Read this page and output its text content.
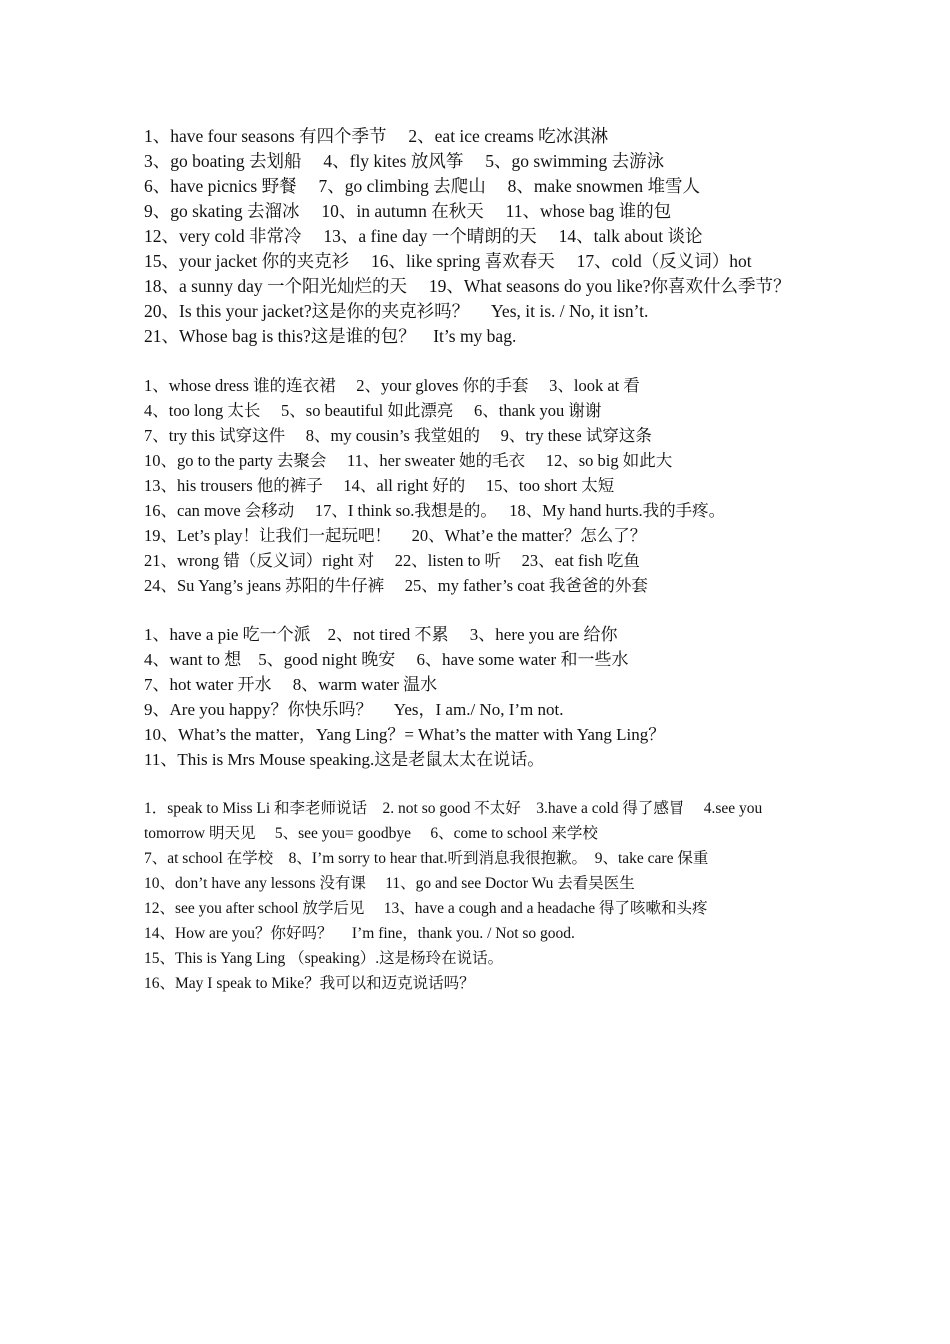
1、have four seasons 有四个季节　 2、eat ice creams 吃冰淇淋
3、go boating 去划船　 4、fly kites 放风筝　 5、go swimming 去游泳
6、have picnics 野餐　 7、go climbing 去爬山　 8、make snowmen 堆雪人
9、go skating 去溜冰　 10、in autumn 在秋天　 11、whose bag 谁的包
12、very cold 非常冷　 13、a fine day 一个晴朗的天　 14、talk about 谈论
15、your jacket 你的夹克衫　 16、like spring 喜欢春天　 17、cold（反义词）hot
18、a sunny day 一个阳光灿烂的天　 19、What seasons do you like?你喜欢什么季节？
20、Is this your jacket?这是你的夹克衫吗？　 Yes, it is. / No, it isn’t.
21、Whose bag is this?这是谁的包？　It’s my bag.
1、whose dress 谁的连衣裙　 2、your gloves 你的手套　 3、look at 看
4、too long 太长　 5、so beautiful 如此漂亮　 6、thank you 谢谢
7、try this 试穿这件　 8、my cousin’s 我堂姐的　 9、try these 试穿这条
10、go to the party 去聚会　 11、her sweater 她的毛衣　 12、so big 如此大
13、his trousers 他的裤子　 14、all right 好的　 15、too short 太短
16、can move 会移动　 17、I think so.我想是的。　 18、My hand hurts.我的手疼。
19、Let’s play！让我们一起玩吧！　 20、What’e the matter？怎么了？
21、wrong 错（反义词）right 对　 22、listen to 听　 23、eat fish 吃鱼
24、Su Yang’s jeans 苏阳的牛仔裤　 25、my father’s coat 我爸爸的外套
1、have a pie 吃一个派　2、not tired 不累　 3、here you are 给你
4、want to 想　5、good night 晚安　 6、have some water 和一些水
7、hot water 开水　 8、warm water 温水
9、Are you happy？你快乐吗？　 Yes，I am./ No, I’m not.
10、What’s the matter，Yang Ling？= What’s the matter with Yang Ling？
11、This is Mrs Mouse speaking.这是老鼠太太在说话。
1．speak to Miss Li 和李老师说话　2. not so good 不太好　3.have a cold 得了感冒　 4.see you tomorrow 明天见　 5、see you= goodbye　 6、come to school 来学校
7、at school 在学校　8、I’m sorry to hear that.听到消息我很抱歉。　9、take care 保重
10、don’t have any lessons 没有课　 11、go and see Doctor Wu 去看吴医生
12、see you after school 放学后见　 13、have a cough and a headache 得了咳嗽和头疼
14、How are you？你好吗？　 I’m fine，thank you. / Not so good.
15、This is Yang Ling （speaking）.这是杨玲在说话。
16、May I speak to Mike？我可以和迈克说话吗？
